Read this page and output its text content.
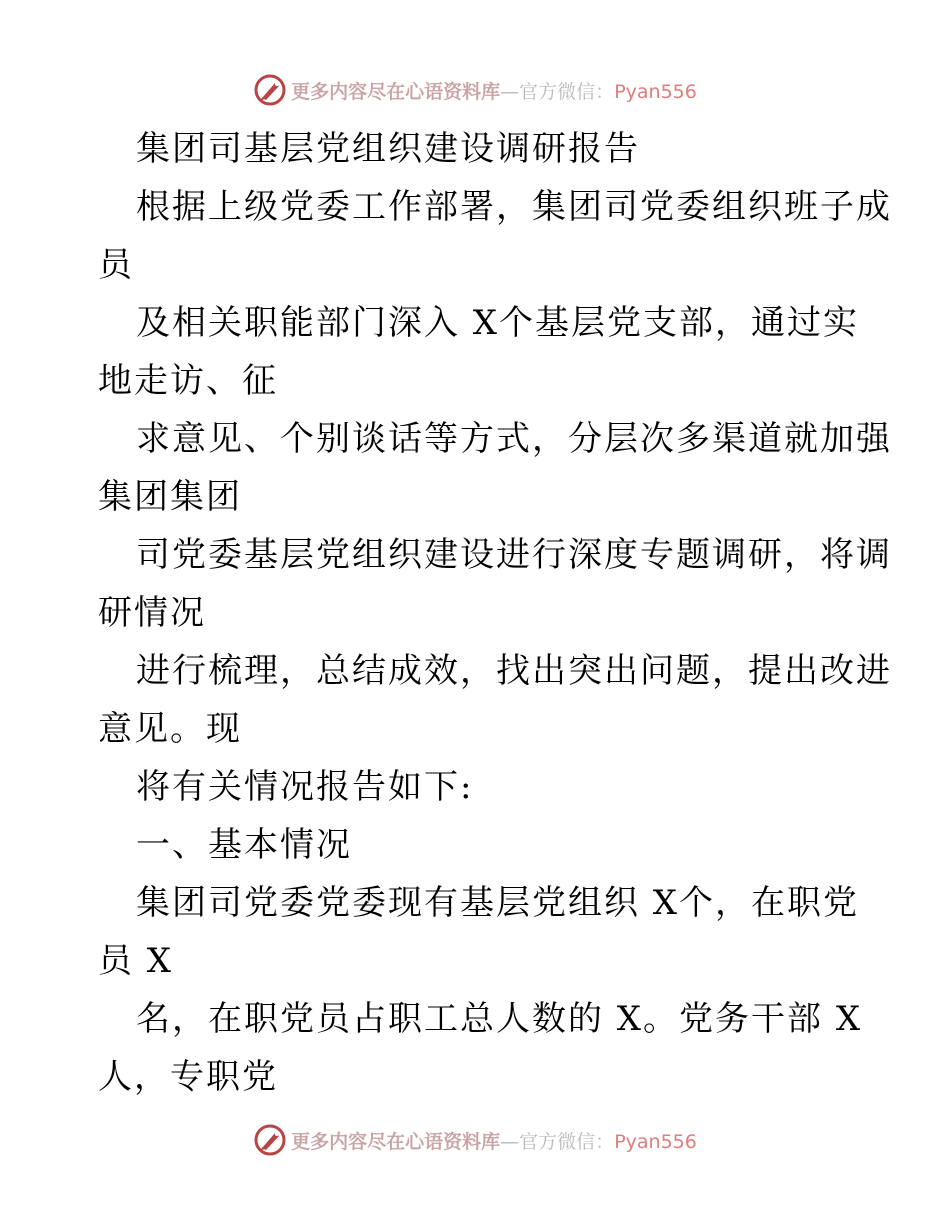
更多内容尽在心语资料库—官方微信：Pyan556
集团司基层党组织建设调研报告
根据上级党委工作部署，集团司党委组织班子成
员
及相关职能部门深入 X个基层党支部，通过实
地走访、征
求意见、个别谈话等方式，分层次多渠道就加强
集团集团
司党委基层党组织建设进行深度专题调研，将调
研情况
进行梳理，总结成效，找出突出问题，提出改进
意见。现
将有关情况报告如下:
一、基本情况
集团司党委党委现有基层党组织 X个，在职党
员 X
名，在职党员占职工总人数的 X。党务干部 X
人，专职党
更多内容尽在心语资料库—官方微信：Pyan556
